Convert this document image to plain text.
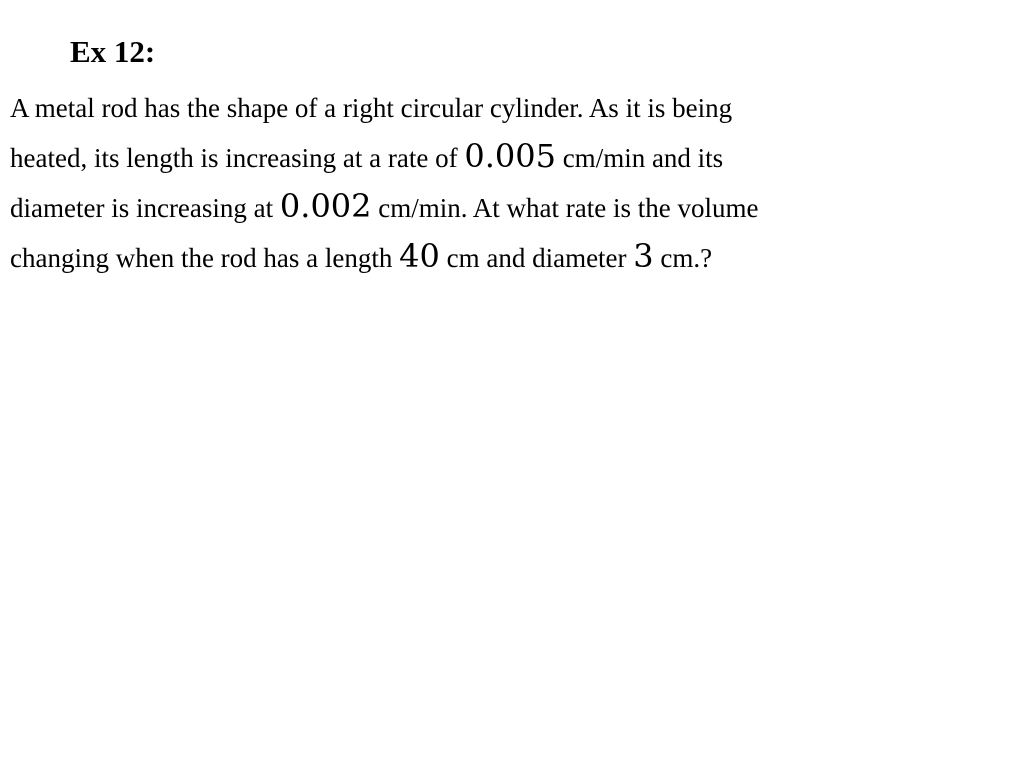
Ex 12:
A metal rod has the shape of a right circular cylinder. As it is being
heated, its length is increasing at a rate of 0.005 cm/min and its
diameter is increasing at 0.002 cm/min. At what rate is the volume
changing when the rod has a length 40 cm and diameter 3 cm.?
